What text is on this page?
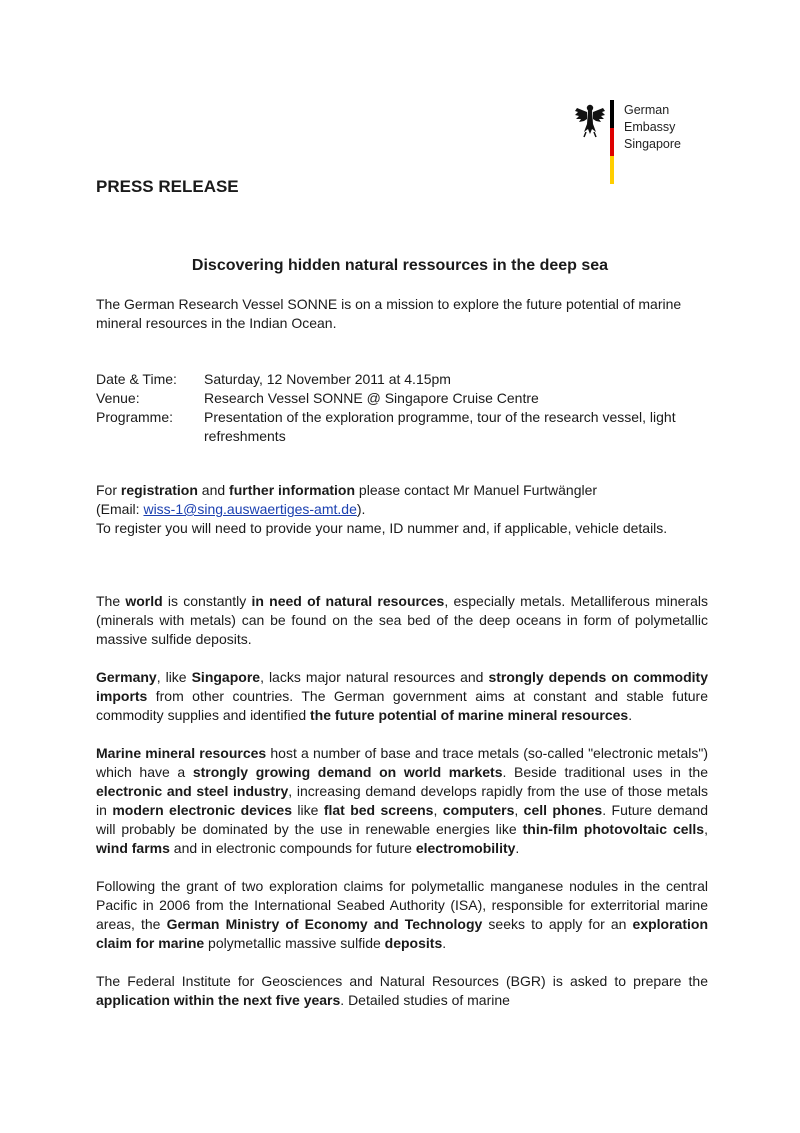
German
Embassy
Singapore
PRESS RELEASE
Discovering hidden natural ressources in the deep sea

The German Research Vessel SONNE is on a mission to explore the future potential of marine mineral resources in the Indian Ocean.

Date & Time:	Saturday, 12 November 2011 at 4.15pm
Venue:	Research Vessel SONNE @ Singapore Cruise Centre
Programme:	Presentation of the exploration programme, tour of the research vessel, light refreshments

For registration and further information please contact Mr Manuel Furtwängler
(Email: wiss-1@sing.auswaertiges-amt.de).
To register you will need to provide your name, ID nummer and, if applicable, vehicle details.

The world is constantly in need of natural resources, especially metals. Metalliferous minerals (minerals with metals) can be found on the sea bed of the deep oceans in form of polymetallic massive sulfide deposits.

Germany, like Singapore, lacks major natural resources and strongly depends on commodity imports from other countries. The German government aims at constant and stable future commodity supplies and identified the future potential of marine mineral resources.

Marine mineral resources host a number of base and trace metals (so-called "electronic metals") which have a strongly growing demand on world markets. Beside traditional uses in the electronic and steel industry, increasing demand develops rapidly from the use of those metals in modern electronic devices like flat bed screens, computers, cell phones. Future demand will probably be dominated by the use in renewable energies like thin-film photovoltaic cells, wind farms and in electronic compounds for future electromobility.

Following the grant of two exploration claims for polymetallic manganese nodules in the central Pacific in 2006 from the International Seabed Authority (ISA), responsible for exterritorial marine areas, the German Ministry of Economy and Technology seeks to apply for an exploration claim for marine polymetallic massive sulfide deposits.

The Federal Institute for Geosciences and Natural Resources (BGR) is asked to prepare the application within the next five years. Detailed studies of marine
